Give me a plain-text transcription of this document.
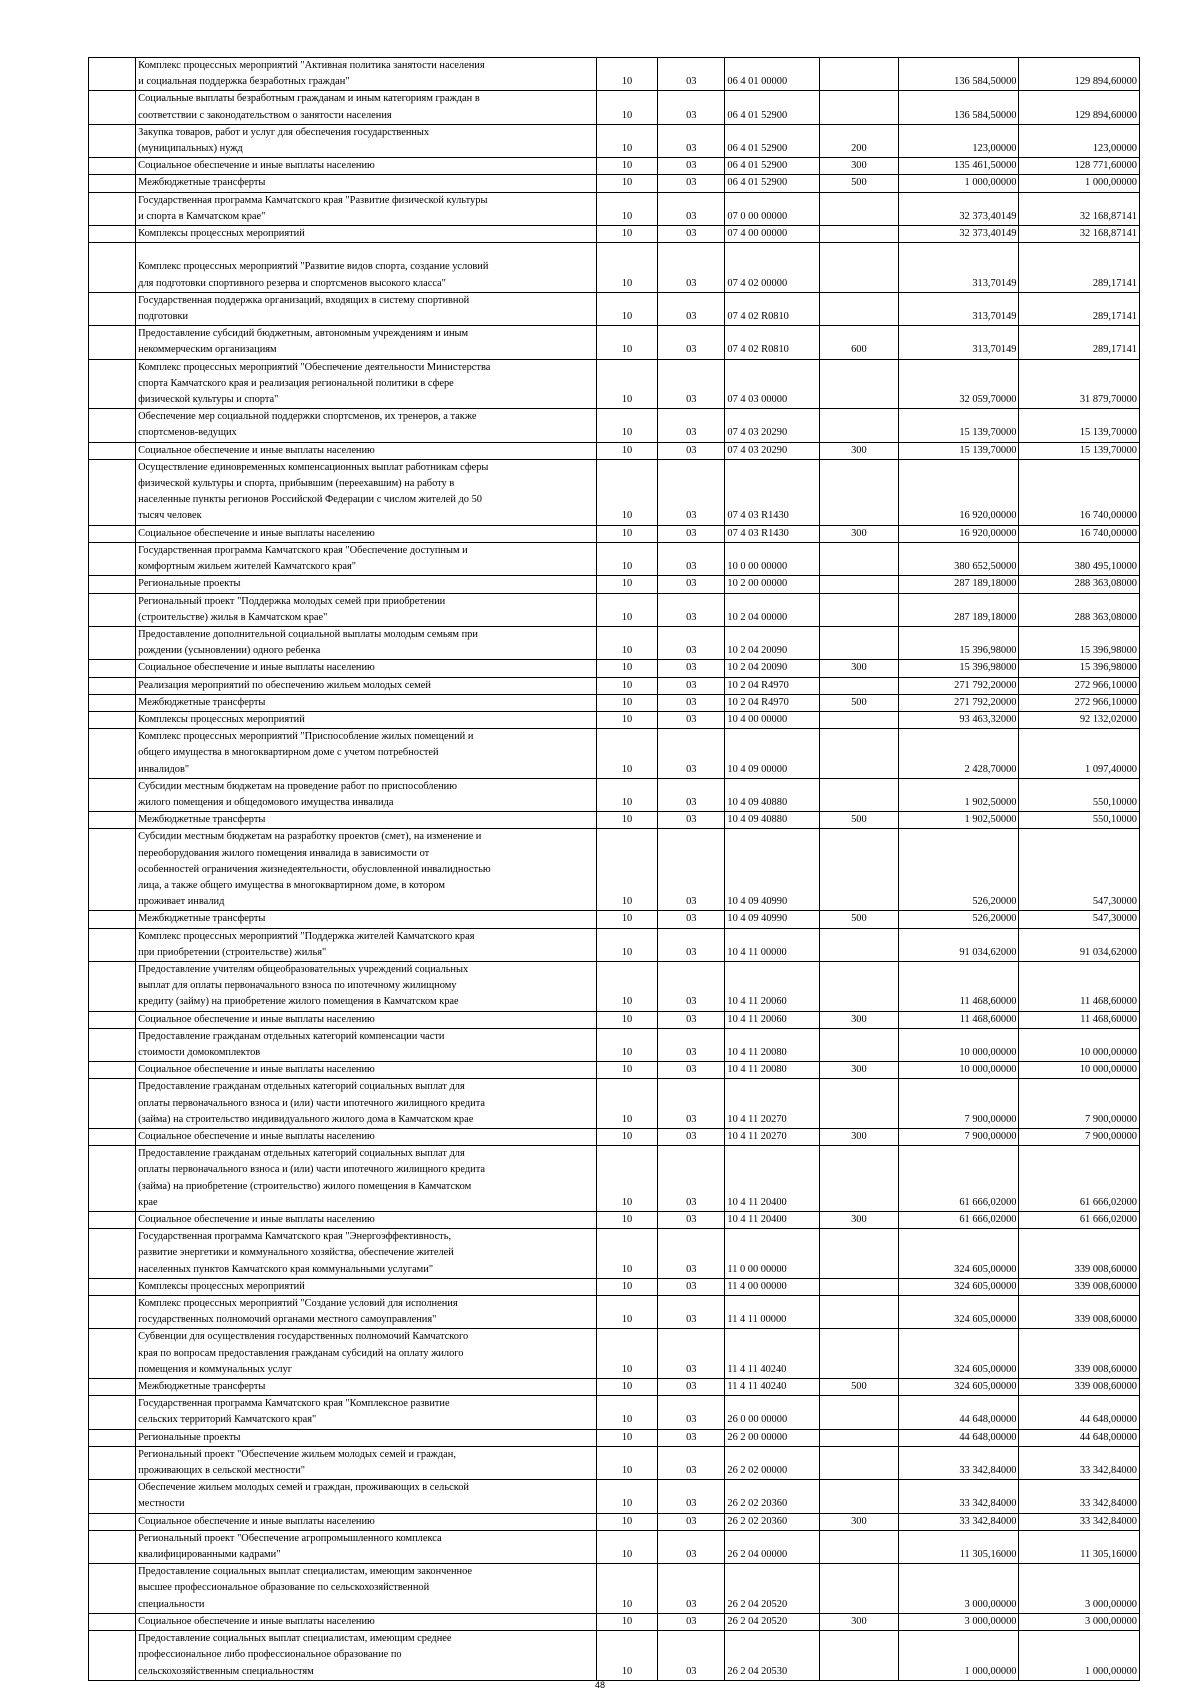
	Комплекс процессных мероприятий "Активная политика занятости населения
и социальная поддержка безработных граждан"	10	03	06 4 01 00000		136 584,50000	129 894,60000
	Социальные выплаты безработным гражданам и иным категориям граждан в
соответствии с законодательством о занятости населения	10	03	06 4 01 52900		136 584,50000	129 894,60000
	Закупка товаров, работ и услуг для обеспечения государственных
(муниципальных) нужд	10	03	06 4 01 52900	200	123,00000	123,00000
	Социальное обеспечение и иные выплаты населению	10	03	06 4 01 52900	300	135 461,50000	128 771,60000
	Межбюджетные трансферты	10	03	06 4 01 52900	500	1 000,00000	1 000,00000
	Государственная программа Камчатского края "Развитие физической культуры
и спорта в Камчатском крае"	10	03	07 0 00 00000		32 373,40149	32 168,87141
	Комплексы процессных мероприятий	10	03	07 4 00 00000		32 373,40149	32 168,87141

Комплекс процессных мероприятий "Развитие видов спорта, создание условий
для подготовки спортивного резерва и спортсменов высокого класса"	10	03	07 4 02 00000		313,70149	289,17141
	Государственная поддержка организаций, входящих в систему спортивной
подготовки	10	03	07 4 02 R0810		313,70149	289,17141
	Предоставление субсидий бюджетным, автономным учреждениям и иным
некоммерческим организациям	10	03	07 4 02 R0810	600	313,70149	289,17141
	Комплекс процессных мероприятий "Обеспечение деятельности Министерства
спорта Камчатского края и реализация региональной политики в сфере
физической культуры и спорта"	10	03	07 4 03 00000		32 059,70000	31 879,70000
	Обеспечение мер социальной поддержки спортсменов, их тренеров, а также
спортсменов-ведущих	10	03	07 4 03 20290		15 139,70000	15 139,70000
	Социальное обеспечение и иные выплаты населению	10	03	07 4 03 20290	300	15 139,70000	15 139,70000
	Осуществление единовременных компенсационных выплат работникам сферы
физической культуры и спорта, прибывшим (переехавшим) на работу в
населенные пункты регионов Российской Федерации с числом жителей до 50
тысяч человек	10	03	07 4 03 R1430		16 920,00000	16 740,00000
	Социальное обеспечение и иные выплаты населению	10	03	07 4 03 R1430	300	16 920,00000	16 740,00000
	Государственная программа Камчатского края "Обеспечение доступным и
комфортным жильем жителей Камчатского края"	10	03	10 0 00 00000		380 652,50000	380 495,10000
	Региональные проекты	10	03	10 2 00 00000		287 189,18000	288 363,08000
	Региональный проект "Поддержка молодых семей при приобретении
(строительстве) жилья в Камчатском крае"	10	03	10 2 04 00000		287 189,18000	288 363,08000
	Предоставление дополнительной социальной выплаты молодым семьям при
рождении (усыновлении) одного ребенка	10	03	10 2 04 20090		15 396,98000	15 396,98000
	Социальное обеспечение и иные выплаты населению	10	03	10 2 04 20090	300	15 396,98000	15 396,98000
	Реализация мероприятий по обеспечению жильем молодых семей	10	03	10 2 04 R4970		271 792,20000	272 966,10000
	Межбюджетные трансферты	10	03	10 2 04 R4970	500	271 792,20000	272 966,10000
	Комплексы процессных мероприятий	10	03	10 4 00 00000		93 463,32000	92 132,02000
	Комплекс процессных мероприятий "Приспособление жилых помещений и
общего имущества в многоквартирном доме с учетом потребностей
инвалидов"	10	03	10 4 09 00000		2 428,70000	1 097,40000
	Субсидии местным бюджетам на проведение работ по приспособлению
жилого помещения и общедомового имущества инвалида	10	03	10 4 09 40880		1 902,50000	550,10000
	Межбюджетные трансферты	10	03	10 4 09 40880	500	1 902,50000	550,10000
	Субсидии местным бюджетам на разработку проектов (смет), на изменение и
переоборудования жилого помещения инвалида в зависимости от
особенностей ограничения жизнедеятельности, обусловленной инвалидностью
лица, а также общего имущества в многоквартирном доме, в котором
проживает инвалид	10	03	10 4 09 40990		526,20000	547,30000
	Межбюджетные трансферты	10	03	10 4 09 40990	500	526,20000	547,30000
	Комплекс процессных мероприятий "Поддержка жителей Камчатского края
при приобретении (строительстве) жилья"	10	03	10 4 11 00000		91 034,62000	91 034,62000
	Предоставление учителям общеобразовательных учреждений социальных
выплат для оплаты первоначального взноса по ипотечному жилищному
кредиту (займу) на приобретение жилого помещения в Камчатском крае	10	03	10 4 11 20060		11 468,60000	11 468,60000
	Социальное обеспечение и иные выплаты населению	10	03	10 4 11 20060	300	11 468,60000	11 468,60000
	Предоставление гражданам отдельных категорий компенсации части
стоимости домокомплектов	10	03	10 4 11 20080		10 000,00000	10 000,00000
	Социальное обеспечение и иные выплаты населению	10	03	10 4 11 20080	300	10 000,00000	10 000,00000
	Предоставление гражданам отдельных категорий социальных выплат для
оплаты первоначального взноса и (или) части ипотечного жилищного кредита
(займа) на строительство индивидуального жилого дома в Камчатском крае	10	03	10 4 11 20270		7 900,00000	7 900,00000
	Социальное обеспечение и иные выплаты населению	10	03	10 4 11 20270	300	7 900,00000	7 900,00000
	Предоставление гражданам отдельных категорий социальных выплат для
оплаты первоначального взноса и (или) части ипотечного жилищного кредита
(займа) на приобретение (строительство) жилого помещения в Камчатском
крае	10	03	10 4 11 20400		61 666,02000	61 666,02000
	Социальное обеспечение и иные выплаты населению	10	03	10 4 11 20400	300	61 666,02000	61 666,02000
	Государственная программа Камчатского края "Энергоэффективность,
развитие энергетики и коммунального хозяйства, обеспечение жителей
населенных пунктов Камчатского края коммунальными услугами"	10	03	11 0 00 00000		324 605,00000	339 008,60000
	Комплексы процессных мероприятий	10	03	11 4 00 00000		324 605,00000	339 008,60000
	Комплекс процессных мероприятий "Создание условий для исполнения
государственных полномочий органами местного самоуправления"	10	03	11 4 11 00000		324 605,00000	339 008,60000
	Субвенции для осуществления государственных полномочий Камчатского
края по вопросам предоставления гражданам субсидий на оплату жилого
помещения и коммунальных услуг	10	03	11 4 11 40240		324 605,00000	339 008,60000
	Межбюджетные трансферты	10	03	11 4 11 40240	500	324 605,00000	339 008,60000
	Государственная программа Камчатского края "Комплексное развитие
сельских территорий Камчатского края"	10	03	26 0 00 00000		44 648,00000	44 648,00000
	Региональные проекты	10	03	26 2 00 00000		44 648,00000	44 648,00000
	Региональный проект "Обеспечение жильем молодых семей и граждан,
проживающих в сельской местности"	10	03	26 2 02 00000		33 342,84000	33 342,84000
	Обеспечение жильем молодых семей и граждан, проживающих в сельской
местности	10	03	26 2 02 20360		33 342,84000	33 342,84000
	Социальное обеспечение и иные выплаты населению	10	03	26 2 02 20360	300	33 342,84000	33 342,84000
	Региональный проект "Обеспечение агропромышленного комплекса
квалифицированными кадрами"	10	03	26 2 04 00000		11 305,16000	11 305,16000
	Предоставление социальных выплат специалистам, имеющим законченное
высшее профессиональное образование по сельскохозяйственной
специальности	10	03	26 2 04 20520		3 000,00000	3 000,00000
	Социальное обеспечение и иные выплаты населению	10	03	26 2 04 20520	300	3 000,00000	3 000,00000
	Предоставление социальных выплат специалистам, имеющим среднее
профессиональное либо профессиональное образование по
сельскохозяйственным специальностям	10	03	26 2 04 20530		1 000,00000	1 000,00000
48
